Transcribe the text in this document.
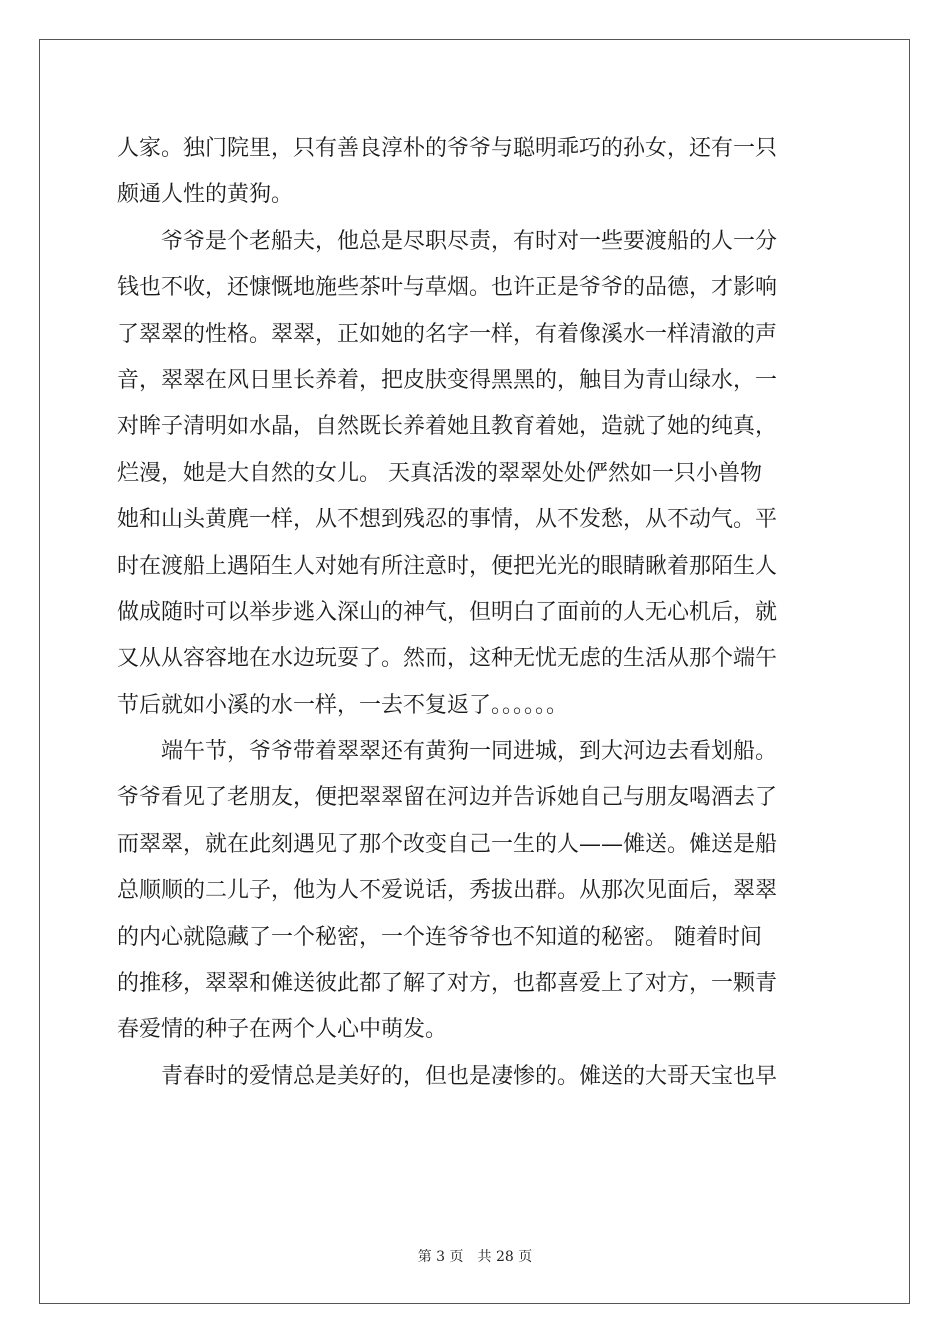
人家。独门院里，只有善良淳朴的爷爷与聪明乖巧的孙女，还有一只
颇通人性的黄狗。
爷爷是个老船夫，他总是尽职尽责，有时对一些要渡船的人一分
钱也不收，还慷慨地施些茶叶与草烟。也许正是爷爷的品德，才影响
了翠翠的性格。翠翠，正如她的名字一样，有着像溪水一样清澈的声
音，翠翠在风日里长养着，把皮肤变得黑黑的，触目为青山绿水，一
对眸子清明如水晶，自然既长养着她且教育着她，造就了她的纯真，
烂漫，她是大自然的女儿。 天真活泼的翠翠处处俨然如一只小兽物
她和山头黄麂一样，从不想到残忍的事情，从不发愁，从不动气。平
时在渡船上遇陌生人对她有所注意时，便把光光的眼睛瞅着那陌生人
做成随时可以举步逃入深山的神气，但明白了面前的人无心机后，就
又从从容容地在水边玩耍了。然而，这种无忧无虑的生活从那个端午
节后就如小溪的水一样，一去不复返了。。。。。。
端午节，爷爷带着翠翠还有黄狗一同进城，到大河边去看划船。
爷爷看见了老朋友，便把翠翠留在河边并告诉她自己与朋友喝酒去了
而翠翠，就在此刻遇见了那个改变自己一生的人——傩送。傩送是船
总顺顺的二儿子，他为人不爱说话，秀拔出群。从那次见面后，翠翠
的内心就隐藏了一个秘密，一个连爷爷也不知道的秘密。 随着时间
的推移，翠翠和傩送彼此都了解了对方，也都喜爱上了对方，一颗青
春爱情的种子在两个人心中萌发。
青春时的爱情总是美好的，但也是凄惨的。傩送的大哥天宝也早
第 3 页 共 28 页
